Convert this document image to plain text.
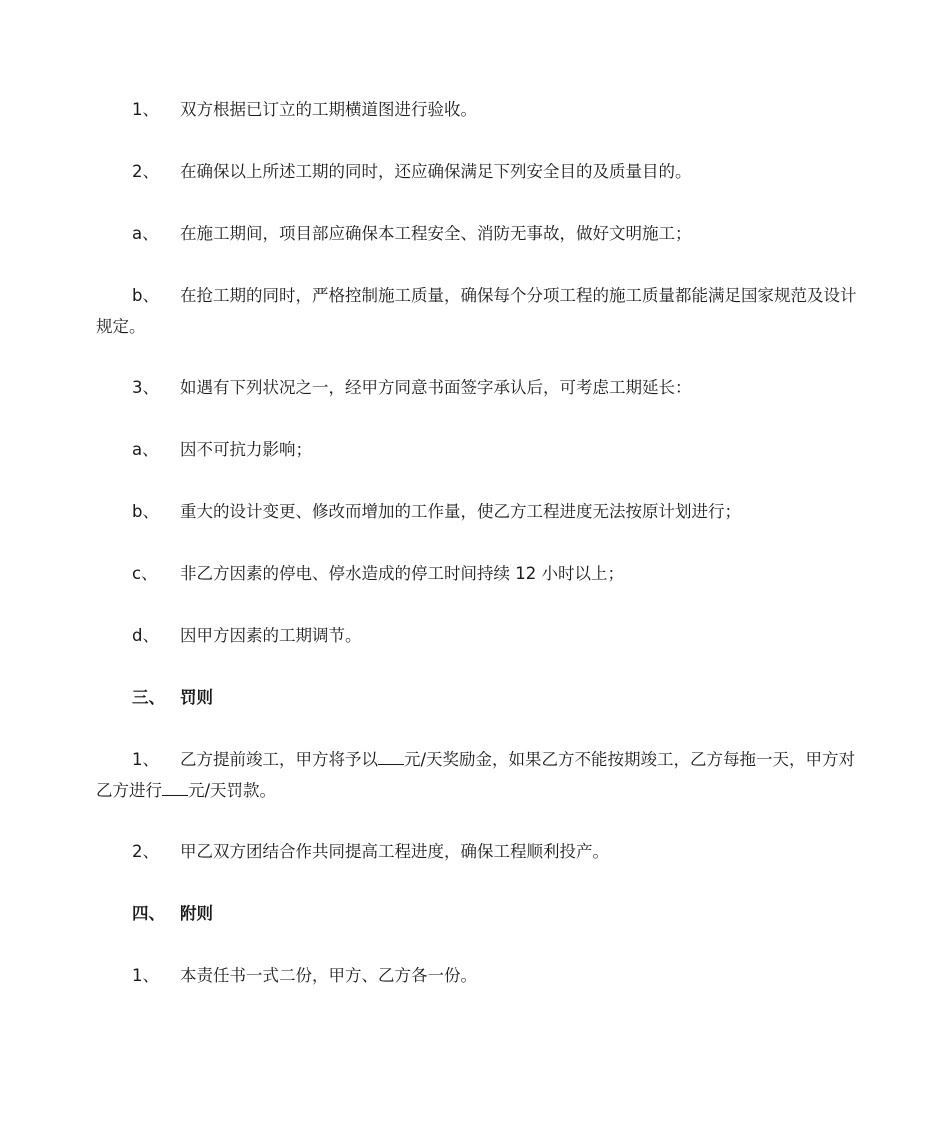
1、 双方根据已订立的工期横道图进行验收。
2、 在确保以上所述工期的同时，还应确保满足下列安全目的及质量目的。
a、 在施工期间，项目部应确保本工程安全、消防无事故，做好文明施工；
b、 在抢工期的同时，严格控制施工质量，确保每个分项工程的施工质量都能满足国家规范及设计规定。
3、 如遇有下列状况之一，经甲方同意书面签字承认后，可考虑工期延长：
a、 因不可抗力影响；
b、 重大的设计变更、修改而增加的工作量，使乙方工程进度无法按原计划进行；
c、 非乙方因素的停电、停水造成的停工时间持续 12 小时以上；
d、 因甲方因素的工期调节。
三、 罚则
1、 乙方提前竣工，甲方将予以 元/天奖励金，如果乙方不能按期竣工，乙方每拖一天，甲方对乙方进行 元/天罚款。
2、 甲乙双方团结合作共同提高工程进度，确保工程顺利投产。
四、 附则
1、 本责任书一式二份，甲方、乙方各一份。
